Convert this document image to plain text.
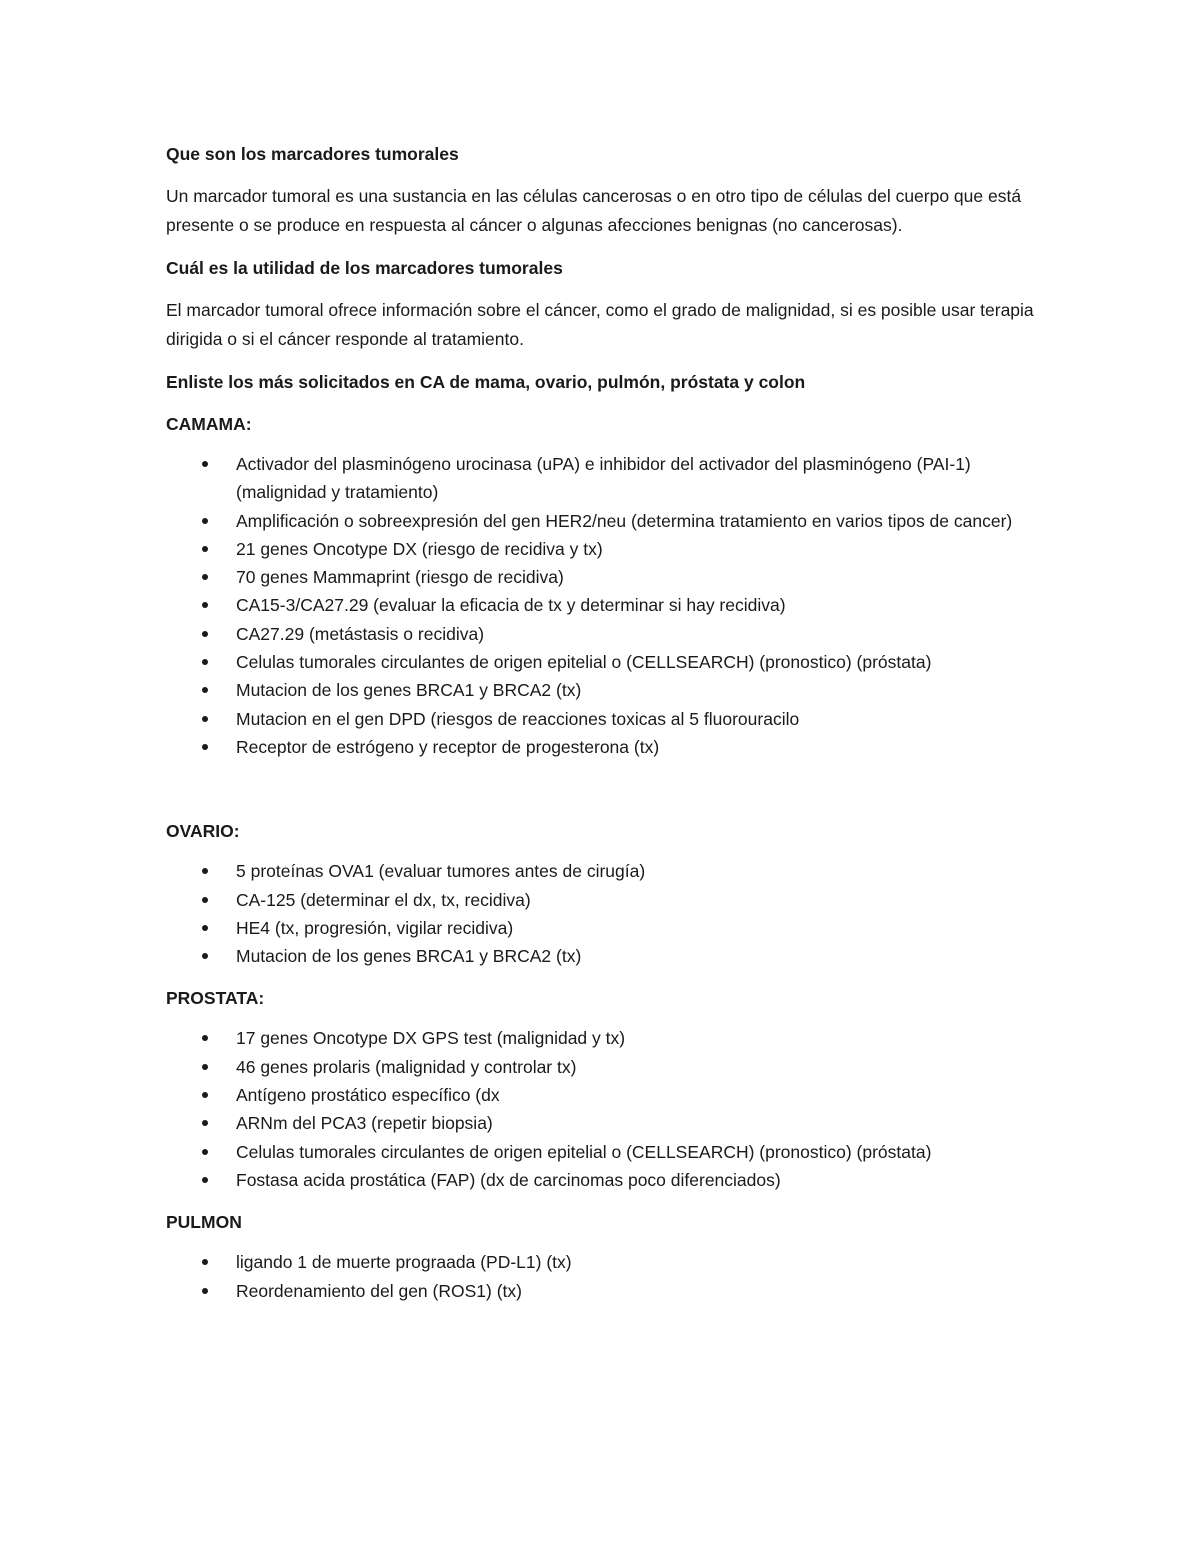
Que son los marcadores tumorales
Un marcador tumoral es una sustancia en las células cancerosas o en otro tipo de células del cuerpo que está presente o se produce en respuesta al cáncer o algunas afecciones benignas (no cancerosas).
Cuál es la utilidad de los marcadores tumorales
El marcador tumoral ofrece información sobre el cáncer, como el grado de malignidad, si es posible usar terapia dirigida o si el cáncer responde al tratamiento.
Enliste los más solicitados en CA de mama, ovario, pulmón, próstata y colon
CAMAMA:
Activador del plasminógeno urocinasa (uPA) e inhibidor del activador del plasminógeno (PAI-1) (malignidad y tratamiento)
Amplificación o sobreexpresión del gen HER2/neu (determina tratamiento en varios tipos de cancer)
21 genes Oncotype DX (riesgo de recidiva y tx)
70 genes Mammaprint (riesgo de recidiva)
CA15-3/CA27.29 (evaluar la eficacia de tx y determinar si hay recidiva)
CA27.29 (metástasis o recidiva)
Celulas tumorales circulantes de origen epitelial o (CELLSEARCH) (pronostico) (próstata)
Mutacion de los genes BRCA1 y BRCA2 (tx)
Mutacion en el gen DPD (riesgos de reacciones toxicas al 5 fluorouracilo
Receptor de estrógeno y receptor de progesterona (tx)
OVARIO:
5 proteínas OVA1 (evaluar tumores antes de cirugía)
CA-125 (determinar el dx, tx, recidiva)
HE4 (tx, progresión, vigilar recidiva)
Mutacion de los genes BRCA1 y BRCA2 (tx)
PROSTATA:
17 genes Oncotype DX GPS test (malignidad y tx)
46 genes prolaris (malignidad y controlar tx)
Antígeno prostático específico (dx
ARNm del PCA3 (repetir biopsia)
Celulas tumorales circulantes de origen epitelial o (CELLSEARCH) (pronostico) (próstata)
Fostasa acida prostática (FAP) (dx de carcinomas poco diferenciados)
PULMON
ligando 1 de muerte prograada (PD-L1) (tx)
Reordenamiento del gen (ROS1) (tx)
